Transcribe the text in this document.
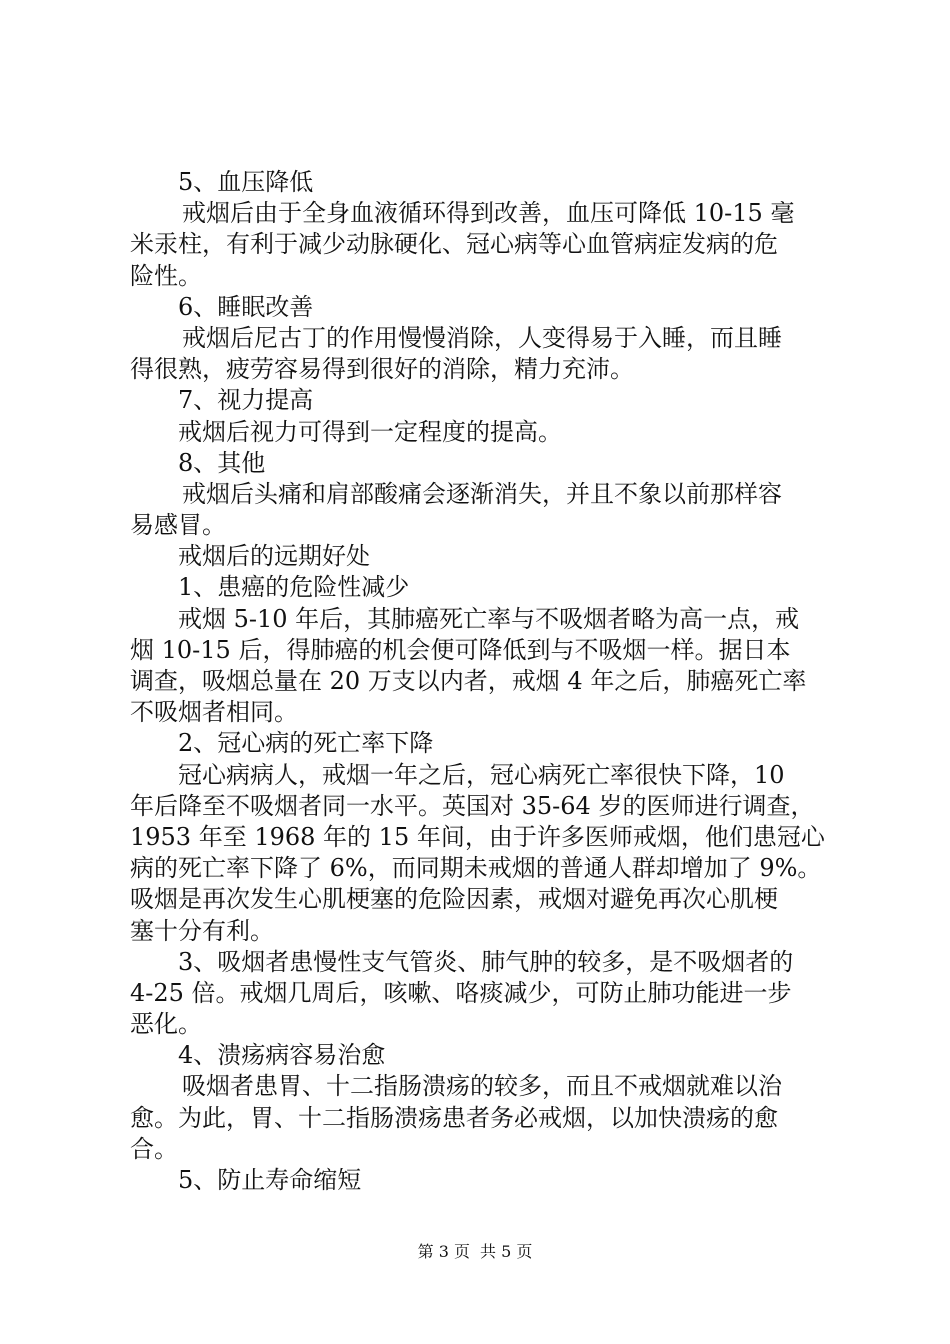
5、血压降低
戒烟后由于全身血液循环得到改善，血压可降低 10-15 毫
米汞柱，有利于减少动脉硬化、冠心病等心血管病症发病的危
险性。
6、睡眠改善
戒烟后尼古丁的作用慢慢消除，人变得易于入睡，而且睡
得很熟，疲劳容易得到很好的消除，精力充沛。
7、视力提高
戒烟后视力可得到一定程度的提高。
8、其他
戒烟后头痛和肩部酸痛会逐渐消失，并且不象以前那样容
易感冒。
戒烟后的远期好处
1、患癌的危险性减少
戒烟 5-10 年后，其肺癌死亡率与不吸烟者略为高一点，戒
烟 10-15 后，得肺癌的机会便可降低到与不吸烟一样。据日本
调查，吸烟总量在 20 万支以内者，戒烟 4 年之后，肺癌死亡率
不吸烟者相同。
2、冠心病的死亡率下降
冠心病病人，戒烟一年之后，冠心病死亡率很快下降，10
年后降至不吸烟者同一水平。英国对 35-64 岁的医师进行调查，
1953 年至 1968 年的 15 年间，由于许多医师戒烟，他们患冠心
病的死亡率下降了 6%，而同期未戒烟的普通人群却增加了 9%。
吸烟是再次发生心肌梗塞的危险因素，戒烟对避免再次心肌梗
塞十分有利。
3、吸烟者患慢性支气管炎、肺气肿的较多，是不吸烟者的
4-25 倍。戒烟几周后，咳嗽、咯痰减少，可防止肺功能进一步
恶化。
4、溃疡病容易治愈
吸烟者患胃、十二指肠溃疡的较多，而且不戒烟就难以治
愈。为此，胃、十二指肠溃疡患者务必戒烟，以加快溃疡的愈
合。
5、防止寿命缩短
第 3 页 共 5 页
